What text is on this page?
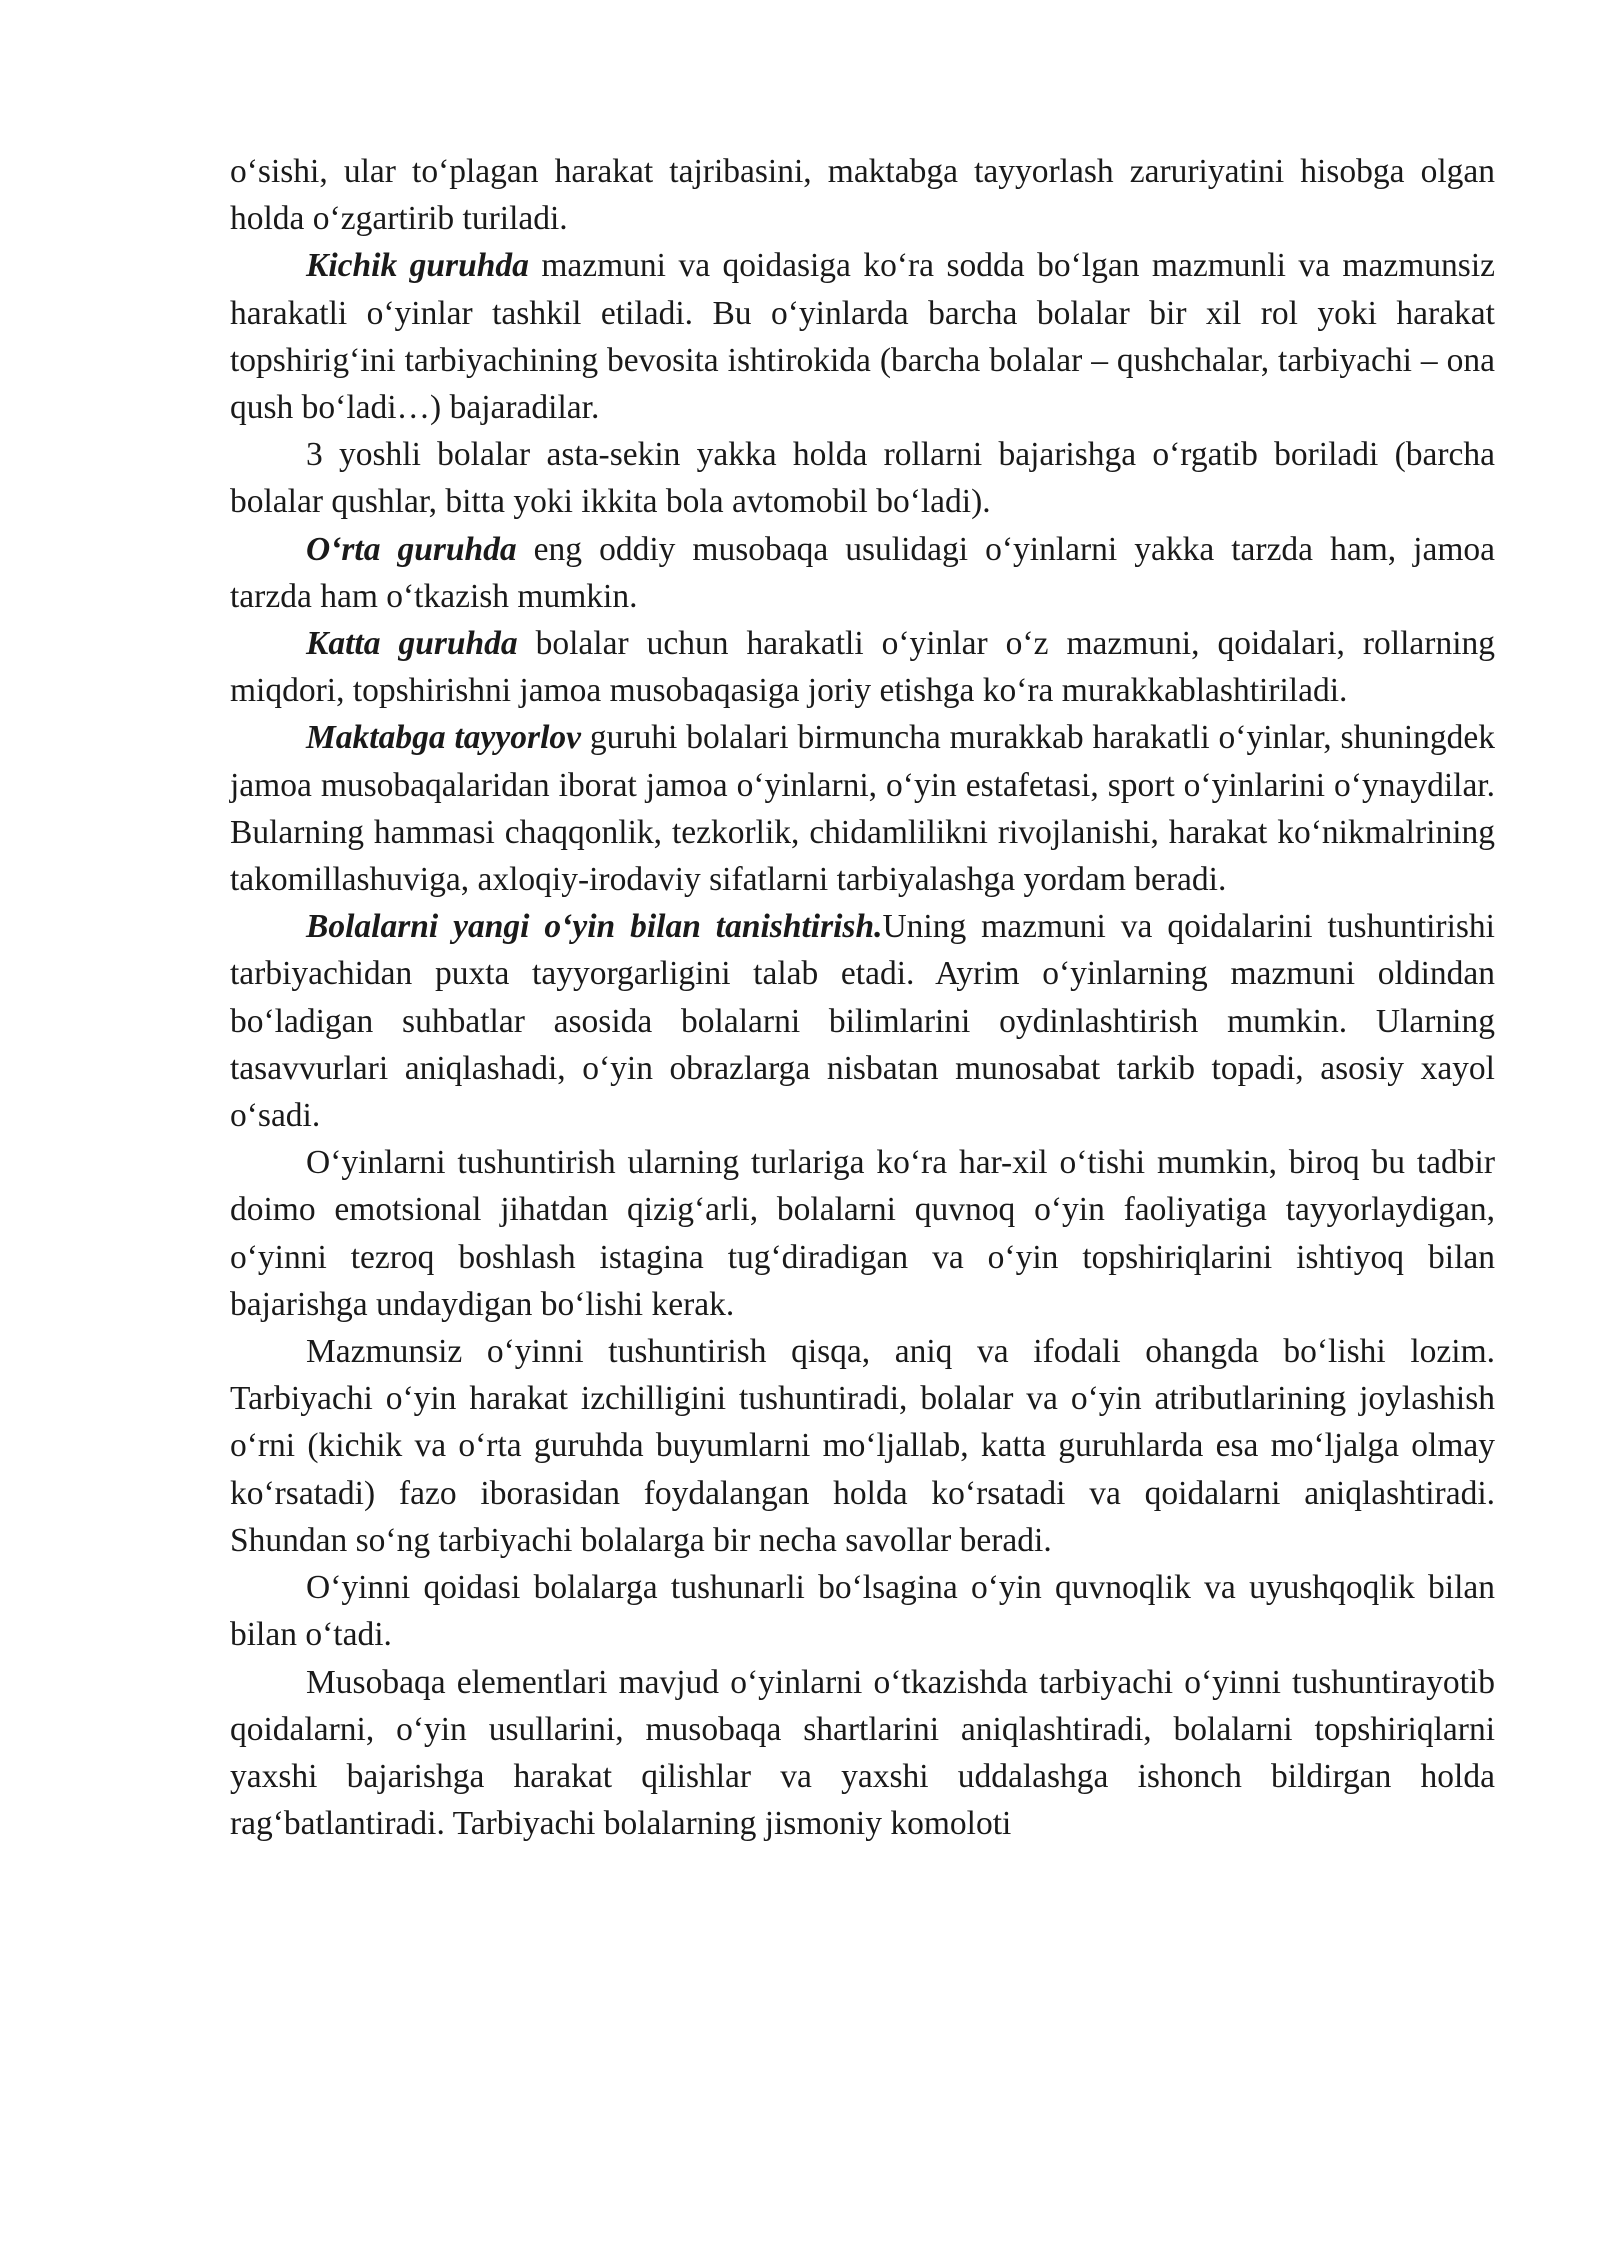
o‘sishi, ular to‘plagan harakat tajribasini, maktabga tayyorlash zaruriyatini hisobga olgan holda o‘zgartirib turiladi.

Kichik guruhda mazmuni va qoidasiga ko‘ra sodda bo‘lgan mazmunli va mazmunsiz harakatli o‘yinlar tashkil etiladi. Bu o‘yinlarda barcha bolalar bir xil rol yoki harakat topshirig‘ini tarbiyachining bevosita ishtirokida (barcha bolalar – qushchalar, tarbiyachi – ona qush bo‘ladi…) bajaradilar.

3 yoshli bolalar asta-sekin yakka holda rollarni bajarishga o‘rgatib boriladi (barcha bolalar qushlar, bitta yoki ikkita bola avtomobil bo‘ladi).

O‘rta guruhda eng oddiy musobaqa usulidagi o‘yinlarni yakka tarzda ham, jamoa tarzda ham o‘tkazish mumkin.

Katta guruhda bolalar uchun harakatli o‘yinlar o‘z mazmuni, qoidalari, rollarning miqdori, topshirishni jamoa musobaqasiga joriy etishga ko‘ra murakkablashtiriladi.

Maktabga tayyorlov guruhi bolalari birmuncha murakkab harakatli o‘yinlar, shuningdek jamoa musobaqalaridan iborat jamoa o‘yinlarni, o‘yin estafetasi, sport o‘yinlarini o‘ynaydilar. Bularning hammasi chaqqonlik, tezkorlik, chidamlilikni rivojlanishi, harakat ko‘nikmalrining takomillashuviga, axloqiy-irodaviy sifatlarni tarbiyalashga yordam beradi.

Bolalarni yangi o‘yin bilan tanishtirish.Uning mazmuni va qoidalarini tushuntirishi tarbiyachidan puxta tayyorgarligini talab etadi. Ayrim o‘yinlarning mazmuni oldindan bo‘ladigan suhbatlar asosida bolalarni bilimlarini oydinlashtirish mumkin. Ularning tasavvurlari aniqlashadi, o‘yin obrazlarga nisbatan munosabat tarkib topadi, asosiy xayol o‘sadi.

O‘yinlarni tushuntirish ularning turlariga ko‘ra har-xil o‘tishi mumkin, biroq bu tadbir doimo emotsional jihatdan qizig‘arli, bolalarni quvnoq o‘yin faoliyatiga tayyorlaydigan, o‘yinni tezroq boshlash istagina tug‘diradigan va o‘yin topshiriqlarini ishtiyoq bilan bajarishga undaydigan bo‘lishi kerak.

Mazmunsiz o‘yinni tushuntirish qisqa, aniq va ifodali ohangda bo‘lishi lozim. Tarbiyachi o‘yin harakat izchilligini tushuntiradi, bolalar va o‘yin atributlarining joylashish o‘rni (kichik va o‘rta guruhda buyumlarni mo‘ljallab, katta guruhlarda esa mo‘ljalga olmay ko‘rsatadi) fazo iborasidan foydalangan holda ko‘rsatadi va qoidalarni aniqlashtiradi. Shundan so‘ng tarbiyachi bolalarga bir necha savollar beradi.

O‘yinni qoidasi bolalarga tushunarli bo‘lsagina o‘yin quvnoqlik va uyushqoqlik bilan bilan o‘tadi.

Musobaqa elementlari mavjud o‘yinlarni o‘tkazishda tarbiyachi o‘yinni tushuntirayotib qoidalarni, o‘yin usullarini, musobaqa shartlarini aniqlashtiradi, bolalarni topshiriqlarni yaxshi bajarishga harakat qilishlar va yaxshi uddalashga ishonch bildirgan holda rag‘batlantiradi. Tarbiyachi bolalarning jismoniy komoloti
